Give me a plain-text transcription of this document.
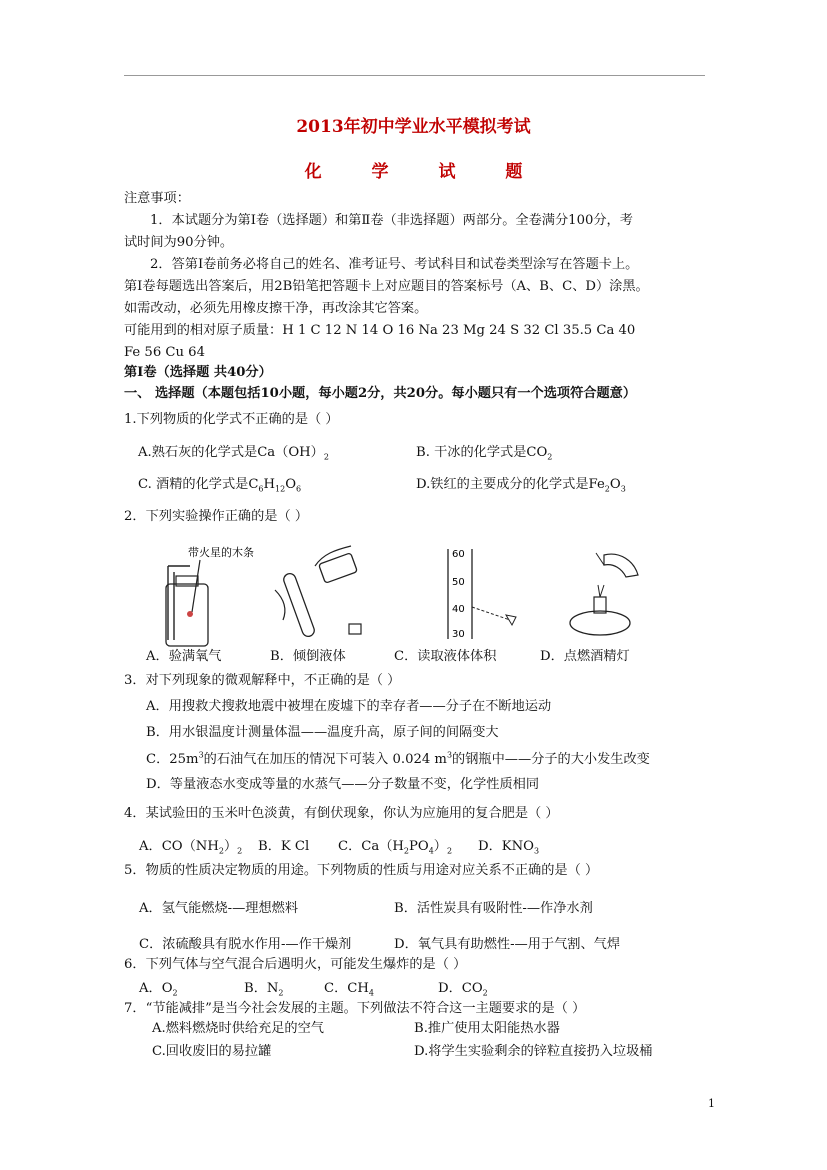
2013年初中学业水平模拟考试
化 学 试 题
注意事项：
1．本试题分为第Ⅰ卷（选择题）和第Ⅱ卷（非选择题）两部分。全卷满分100分，考
试时间为90分钟。
2．答第Ⅰ卷前务必将自己的姓名、准考证号、考试科目和试卷类型涂写在答题卡上。
第Ⅰ卷每题选出答案后，用2B铅笔把答题卡上对应题目的答案标号（A、B、C、D）涂黑。
如需改动，必须先用橡皮擦干净，再改涂其它答案。
可能用到的相对原子质量：H 1 C 12 N 14 O 16 Na 23 Mg 24 S 32 Cl 35.5 Ca 40
Fe 56 Cu 64
第Ⅰ卷（选择题 共40分）
一、 选择题（本题包括10小题，每小题2分，共20分。每小题只有一个选项符合题意）
1.下列物质的化学式不正确的是（ ）
A.熟石灰的化学式是$Ca(OH)_2$	B. 干冰的化学式是$CO_2$
C. 酒精的化学式是$C_6H_{12}O_6$	D.铁红的主要成分的化学式是$Fe_2O_3$
2．下列实验操作正确的是（ ）
带火星的木条	60
50
40
30
A．验满氧气	B．倾倒液体	C．读取液体体积	D．点燃酒精灯
3．对下列现象的微观解释中，不正确的是（ ）
A．用搜救犬搜救地震中被埋在废墟下的幸存者——分子在不断地运动
B．用水银温度计测量体温——温度升高，原子间的间隔变大
C．$25m^3$的石油气在加压的情况下可装入 0.024 $m^3$的钢瓶中——分子的大小发生改变
D．等量液态水变成等量的水蒸气——分子数量不变，化学性质相同
4．某试验田的玉米叶色淡黄，有倒伏现象，你认为应施用的复合肥是（ ）
A．$CO(NH_2)_2$ B．K Cl C．$Ca(H_2PO_4)_2$ D．$KNO_3$
5．物质的性质决定物质的用途。下列物质的性质与用途对应关系不正确的是（ ）
A．氢气能燃烧-—理想燃料	B．活性炭具有吸附性-—作净水剂
C．浓硫酸具有脱水作用-—作干燥剂	D．氧气具有助燃性-—用于气割、气焊
6．下列气体与空气混合后遇明火，可能发生爆炸的是（ ）
A．$O_2$	B．$N_2$	C．$CH_4$	D．$CO_2$
7．“节能减排”是当今社会发展的主题。下列做法不符合这一主题要求的是（ ）
A.燃料燃烧时供给充足的空气	B.推广使用太阳能热水器
C.回收废旧的易拉罐	D.将学生实验剩余的锌粒直接扔入垃圾桶
1
